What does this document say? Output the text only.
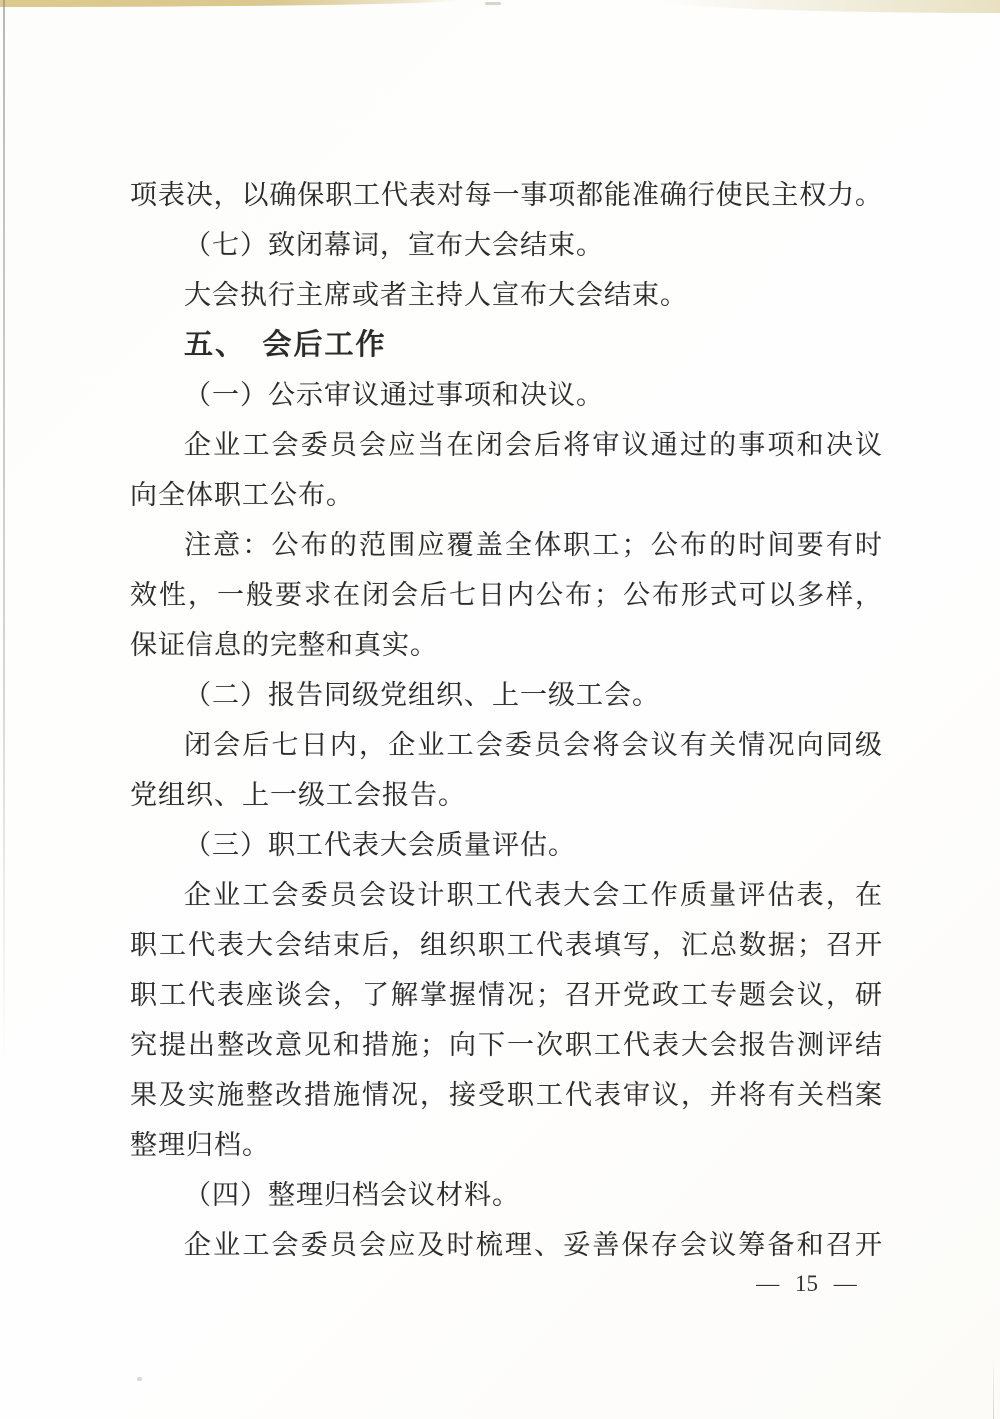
项表决，以确保职工代表对每一事项都能准确行使民主权力。
（七）致闭幕词，宣布大会结束。
大会执行主席或者主持人宣布大会结束。
五、　会后工作
（一）公示审议通过事项和决议。
企业工会委员会应当在闭会后将审议通过的事项和决议
向全体职工公布。
注意：公布的范围应覆盖全体职工；公布的时间要有时
效性，一般要求在闭会后七日内公布；公布形式可以多样，
保证信息的完整和真实。
（二）报告同级党组织、上一级工会。
闭会后七日内，企业工会委员会将会议有关情况向同级
党组织、上一级工会报告。
（三）职工代表大会质量评估。
企业工会委员会设计职工代表大会工作质量评估表，在
职工代表大会结束后，组织职工代表填写，汇总数据；召开
职工代表座谈会，了解掌握情况；召开党政工专题会议，研
究提出整改意见和措施；向下一次职工代表大会报告测评结
果及实施整改措施情况，接受职工代表审议，并将有关档案
整理归档。
（四）整理归档会议材料。
企业工会委员会应及时梳理、妥善保存会议筹备和召开
— 15 —
